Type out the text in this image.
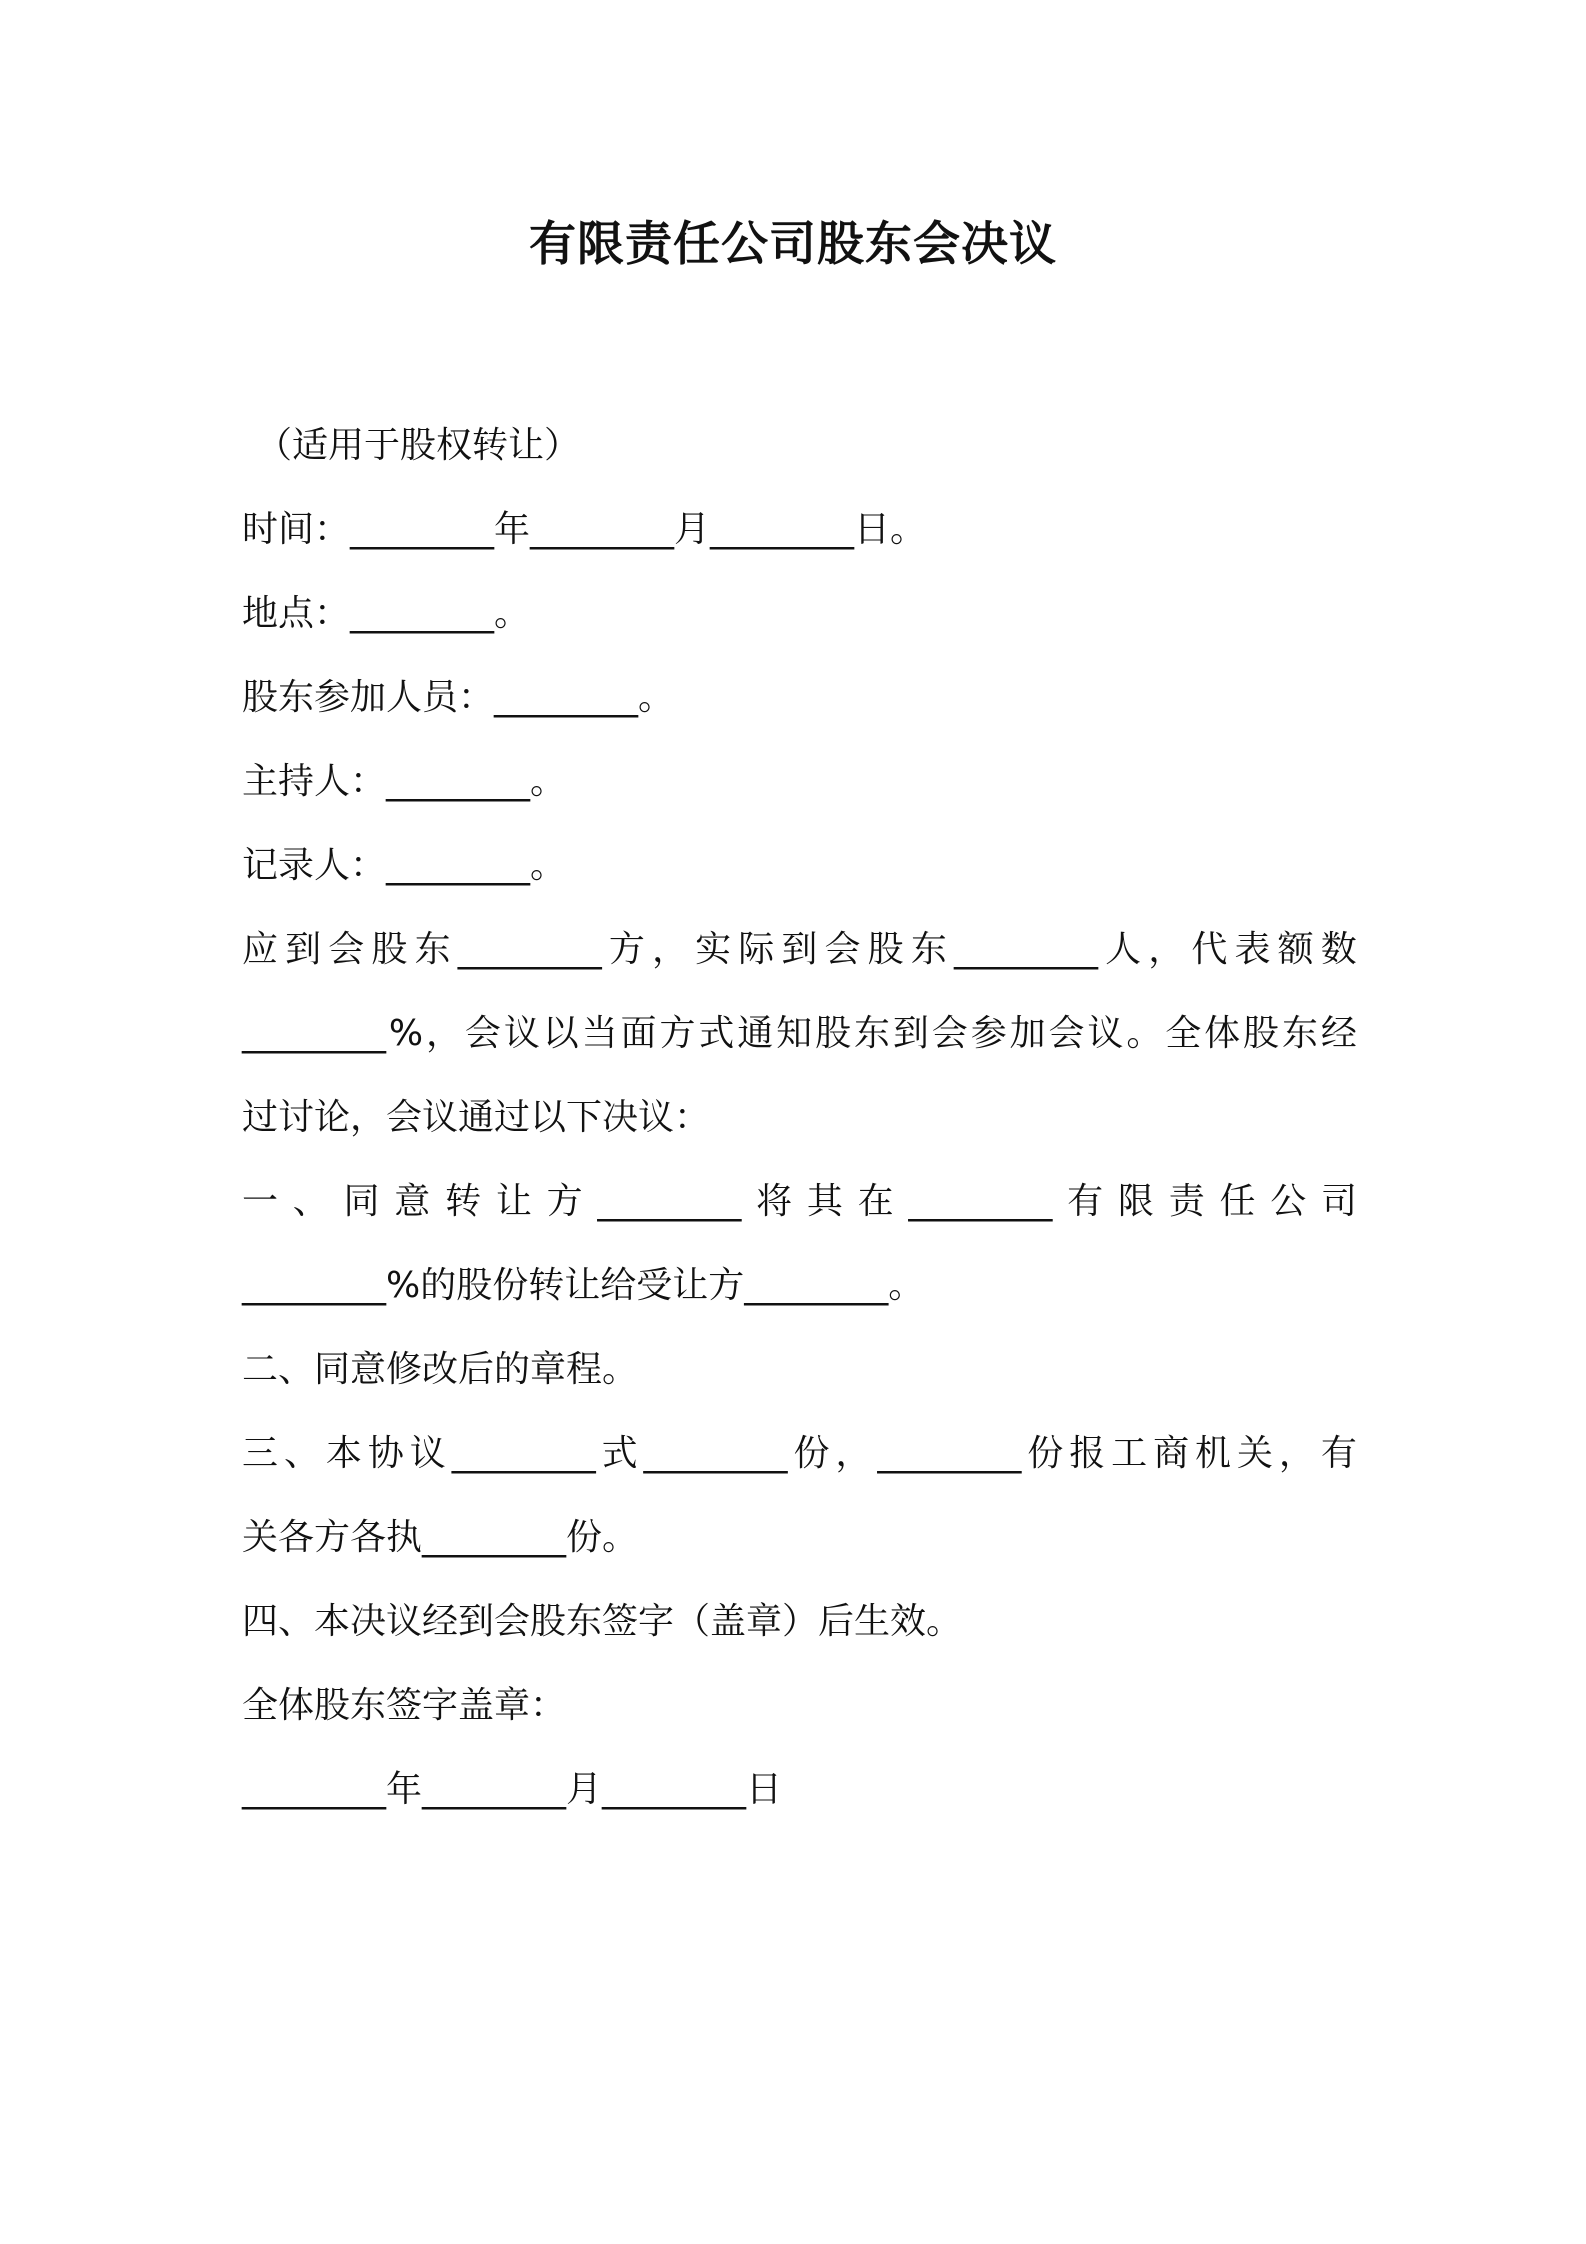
有限责任公司股东会决议

（适用于股权转让）

时间：________年________月________日。

地点：________。

股东参加人员：________。

主持人：________。

记录人：________。

应 到 会 股 东 ________ 方 ， 实 际 到 会 股 东 ________ 人 ， 代 表 额 数

________ % ， 会 议 以 当 面 方 式 通 知 股 东 到 会 参 加 会 议 。 全 体 股 东 经

过讨论，会议通过以下决议：

一 、 同 意 转 让 方 ________ 将 其 在 ________ 有 限 责 任 公 司

________%的股份转让给受让方________。

二、同意修改后的章程。

三 、 本 协 议 ________ 式 ________ 份 ， ________ 份 报 工 商 机 关 ， 有

关各方各执________份。

四、本决议经到会股东签字（盖章）后生效。

全体股东签字盖章：

________年________月________日
